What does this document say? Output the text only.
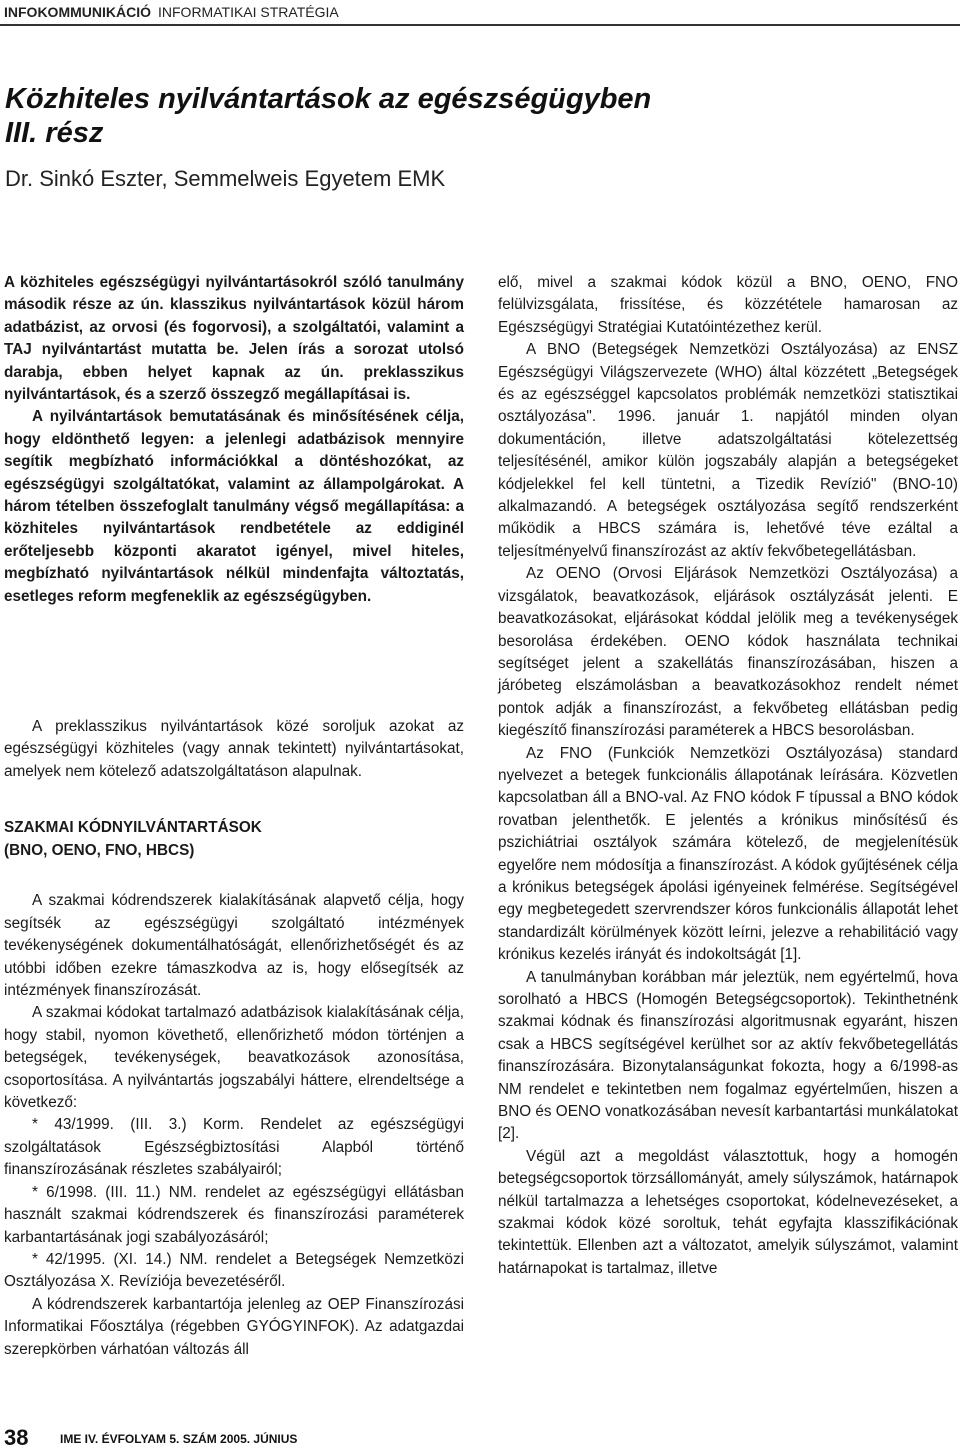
INFOKOMMUNIKÁCIÓ INFORMATIKAI STRATÉGIA
Közhiteles nyilvántartások az egészségügyben
III. rész
Dr. Sinkó Eszter, Semmelweis Egyetem EMK

A közhiteles egészségügyi nyilvántartásokról szóló tanulmány második része az ún. klasszikus nyilvántartások közül három adatbázist, az orvosi (és fogorvosi), a szolgáltatói, valamint a TAJ nyilvántartást mutatta be. Jelen írás a sorozat utolsó darabja, ebben helyet kapnak az ún. preklasszikus nyilvántartások, és a szerző összegző megállapításai is.

A nyilvántartások bemutatásának és minősítésének célja, hogy eldönthető legyen: a jelenlegi adatbázisok mennyire segítik megbízható információkkal a döntéshozókat, az egészségügyi szolgáltatókat, valamint az állampolgárokat. A három tételben összefoglalt tanulmány végső megállapítása: a közhiteles nyilvántartások rendbetétele az eddiginél erőteljesebb központi akaratot igényel, mivel hiteles, megbízható nyilvántartások nélkül mindenfajta változtatás, esetleges reform megfeneklik az egészségügyben.

A preklasszikus nyilvántartások közé soroljuk azokat az egészségügyi közhiteles (vagy annak tekintett) nyilvántartásokat, amelyek nem kötelező adatszolgáltatáson alapulnak.

SZAKMAI KÓDNYILVÁNTARTÁSOK
(BNO, OENO, FNO, HBCS)

A szakmai kódrendszerek kialakításának alapvető célja, hogy segítsék az egészségügyi szolgáltató intézmények tevékenységének dokumentálhatóságát, ellenőrizhetőségét és az utóbbi időben ezekre támaszkodva az is, hogy elősegítsék az intézmények finanszírozását.

A szakmai kódokat tartalmazó adatbázisok kialakításának célja, hogy stabil, nyomon követhető, ellenőrizhető módon történjen a betegségek, tevékenységek, beavatkozások azonosítása, csoportosítása. A nyilvántartás jogszabályi háttere, elrendeltsége a következő:

* 43/1999. (III. 3.) Korm. Rendelet az egészségügyi szolgáltatások Egészségbiztosítási Alapból történő finanszírozásának részletes szabályairól;

* 6/1998. (III. 11.) NM. rendelet az egészségügyi ellátásban használt szakmai kódrendszerek és finanszírozási paraméterek karbantartásának jogi szabályozásáról;

* 42/1995. (XI. 14.) NM. rendelet a Betegségek Nemzetközi Osztályozása X. Revíziója bevezetéséről.

A kódrendszerek karbantartója jelenleg az OEP Finanszírozási Informatikai Főosztálya (régebben GYÓGYINFOK). Az adatgazdai szerepkörben várhatóan változás áll

elő, mivel a szakmai kódok közül a BNO, OENO, FNO felülvizsgálata, frissítése, és közzététele hamarosan az Egészségügyi Stratégiai Kutatóintézethez kerül.

A BNO (Betegségek Nemzetközi Osztályozása) az ENSZ Egészségügyi Világszervezete (WHO) által közzétett „Betegségek és az egészséggel kapcsolatos problémák nemzetközi statisztikai osztályozása". 1996. január 1. napjától minden olyan dokumentáción, illetve adatszolgáltatási kötelezettség teljesítésénél, amikor külön jogszabály alapján a betegségeket kódjelekkel fel kell tüntetni, a Tizedik Revízió" (BNO-10) alkalmazandó. A betegségek osztályozása segítő rendszerként működik a HBCS számára is, lehetővé téve ezáltal a teljesítményelvű finanszírozást az aktív fekvőbetegellátásban.

Az OENO (Orvosi Eljárások Nemzetközi Osztályozása) a vizsgálatok, beavatkozások, eljárások osztályzását jelenti. E beavatkozásokat, eljárásokat kóddal jelölik meg a tevékenységek besorolása érdekében. OENO kódok használata technikai segítséget jelent a szakellátás finanszírozásában, hiszen a járóbeteg elszámolásban a beavatkozásokhoz rendelt német pontok adják a finanszírozást, a fekvőbeteg ellátásban pedig kiegészítő finanszírozási paraméterek a HBCS besorolásban.

Az FNO (Funkciók Nemzetközi Osztályozása) standard nyelvezet a betegek funkcionális állapotának leírására. Közvetlen kapcsolatban áll a BNO-val. Az FNO kódok F típussal a BNO kódok rovatban jelenthetők. E jelentés a krónikus minősítésű és pszichiátriai osztályok számára kötelező, de megjelenítésük egyelőre nem módosítja a finanszírozást. A kódok gyűjtésének célja a krónikus betegségek ápolási igényeinek felmérése. Segítségével egy megbetegedett szervrendszer kóros funkcionális állapotát lehet standardizált körülmények között leírni, jelezve a rehabilitáció vagy krónikus kezelés irányát és indokoltságát [1].

A tanulmányban korábban már jeleztük, nem egyértelmű, hova sorolható a HBCS (Homogén Betegségcsoportok). Tekinthetnénk szakmai kódnak és finanszírozási algoritmusnak egyaránt, hiszen csak a HBCS segítségével kerülhet sor az aktív fekvőbetegellátás finanszírozására. Bizonytalanságunkat fokozta, hogy a 6/1998-as NM rendelet e tekintetben nem fogalmaz egyértelműen, hiszen a BNO és OENO vonatkozásában nevesít karbantartási munkálatokat [2].

Végül azt a megoldást választottuk, hogy a homogén betegségcsoportok törzsállományát, amely súlyszámok, határnapok nélkül tartalmazza a lehetséges csoportokat, kódelnevezéseket, a szakmai kódok közé soroltuk, tehát egyfajta klasszifikációnak tekintettük. Ellenben azt a változatot, amelyik súlyszámot, valamint határnapokat is tartalmaz, illetve

38	IME IV. ÉVFOLYAM 5. SZÁM 2005. JÚNIUS
